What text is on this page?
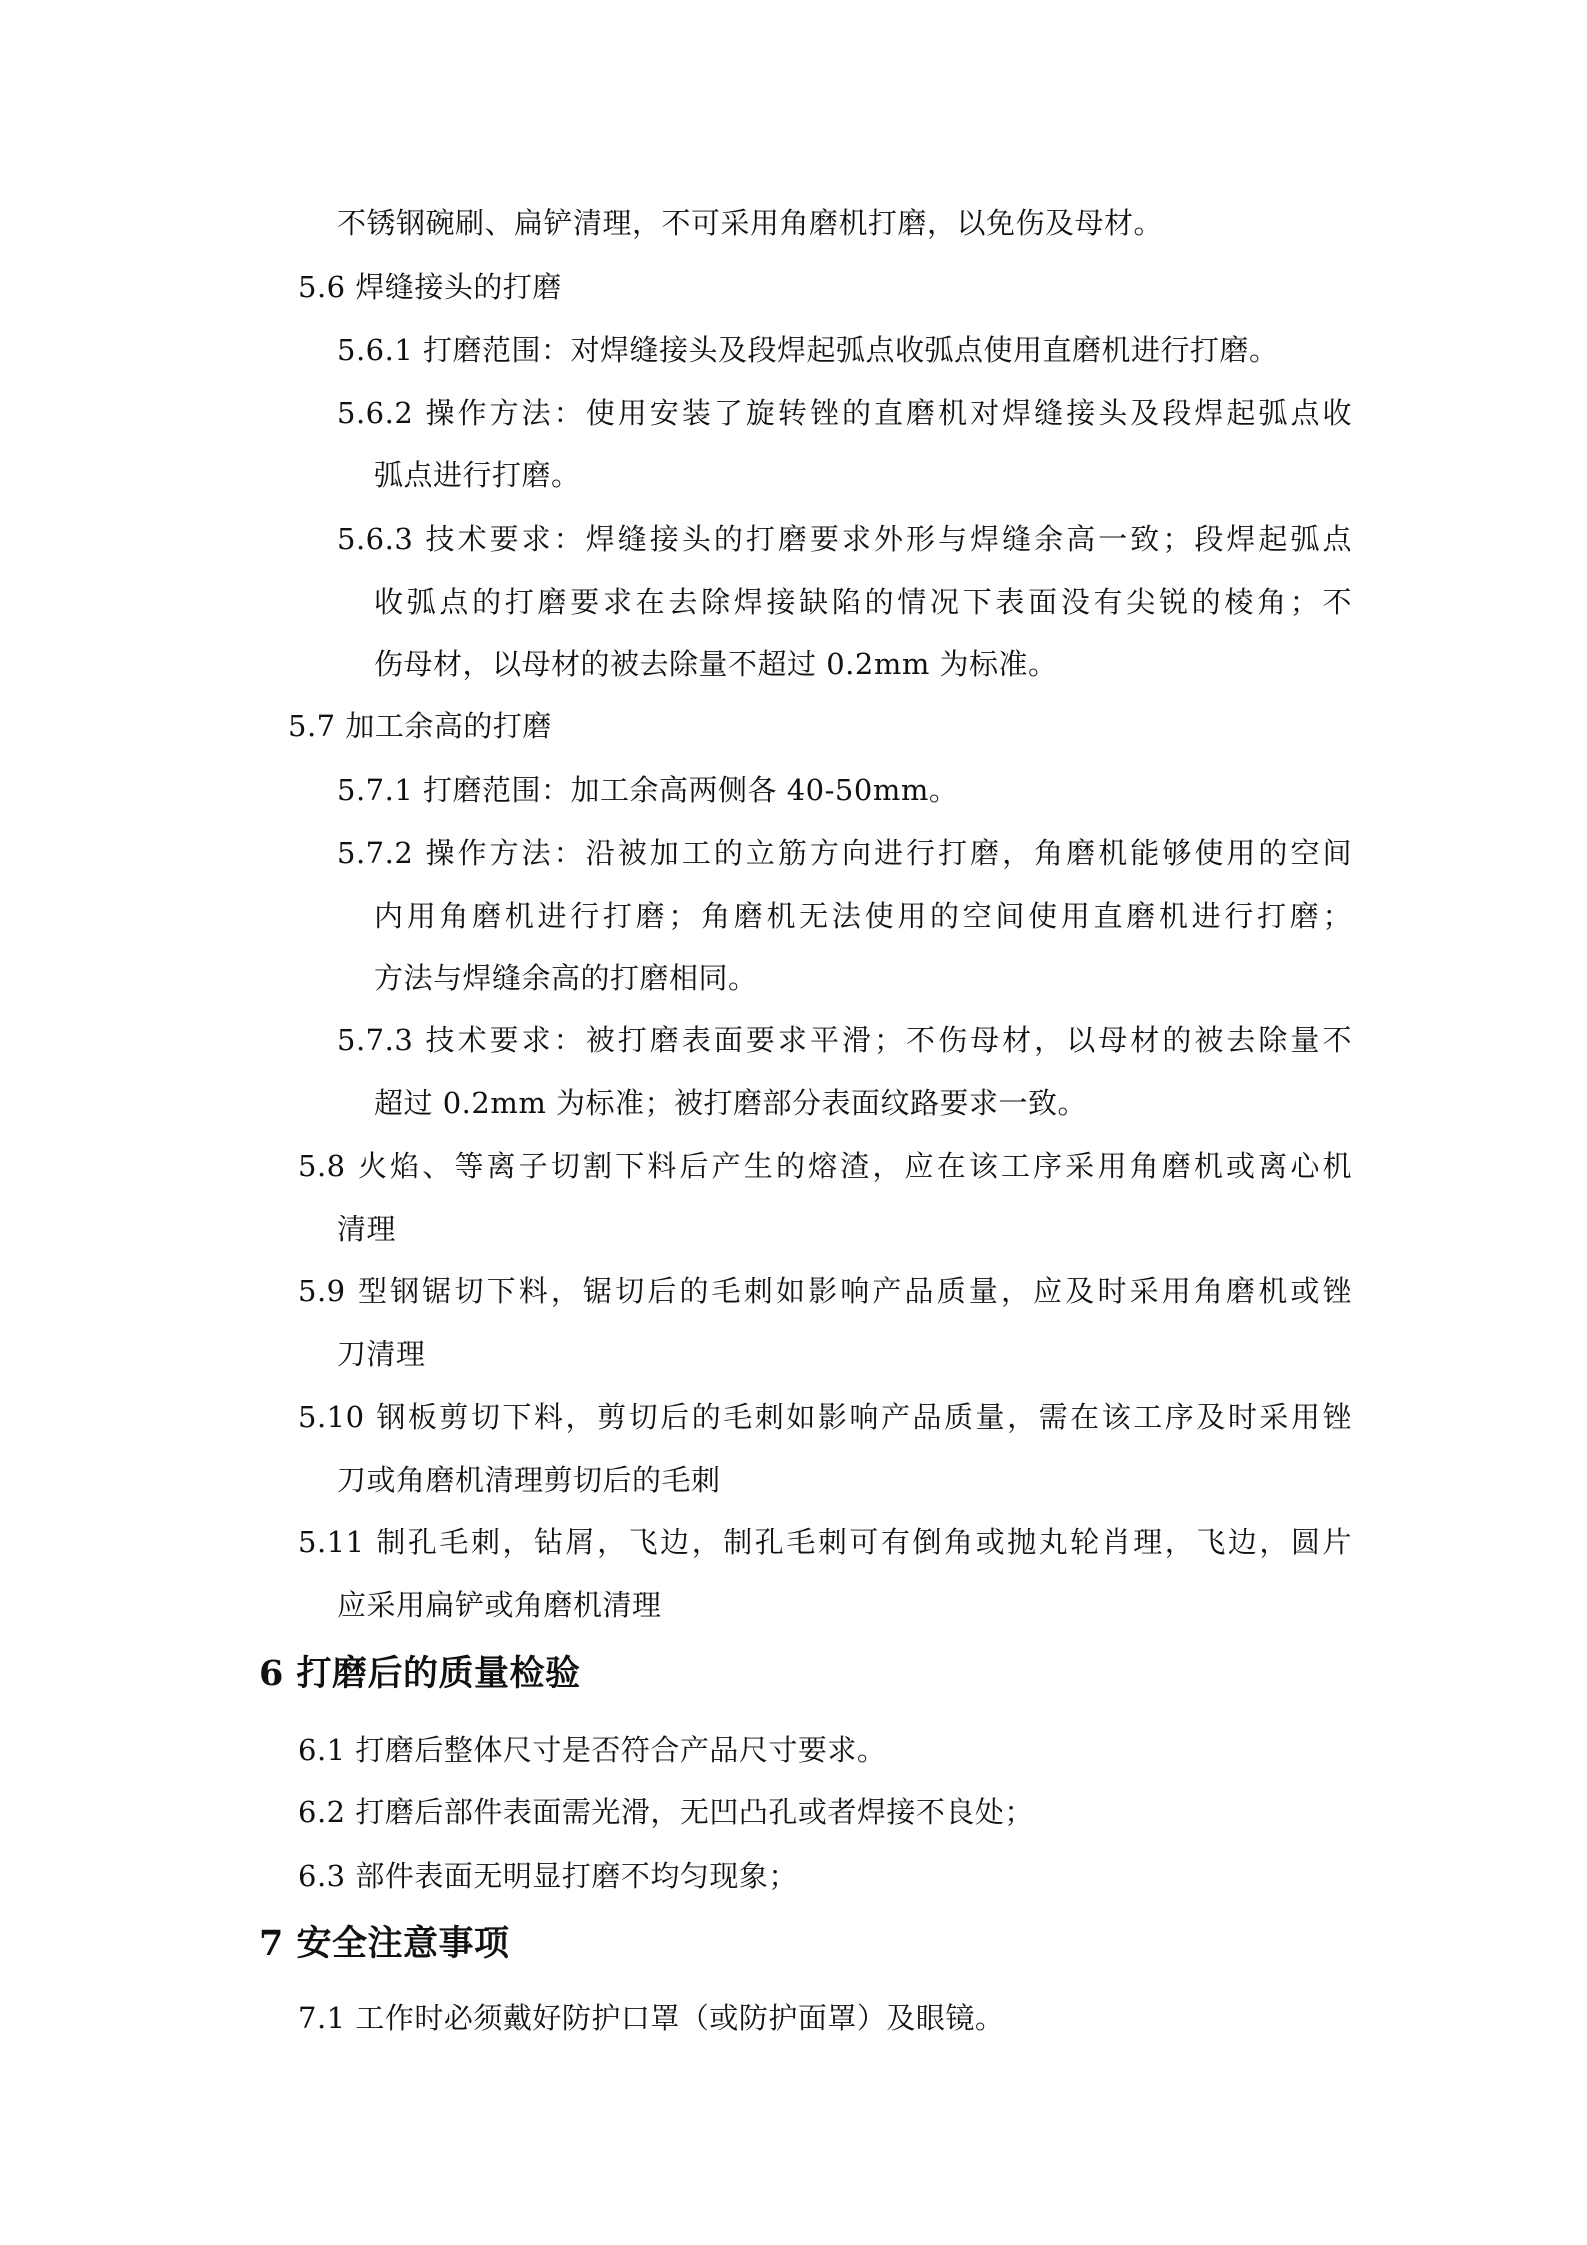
不锈钢碗刷、扁铲清理，不可采用角磨机打磨，以免伤及母材。
5.6 焊缝接头的打磨
5.6.1 打磨范围：对焊缝接头及段焊起弧点收弧点使用直磨机进行打磨。
5.6.2 操作方法：使用安装了旋转锉的直磨机对焊缝接头及段焊起弧点收
弧点进行打磨。
5.6.3 技术要求：焊缝接头的打磨要求外形与焊缝余高一致；段焊起弧点
收弧点的打磨要求在去除焊接缺陷的情况下表面没有尖锐的棱角；不
伤母材，以母材的被去除量不超过 0.2mm 为标准。
5.7 加工余高的打磨
5.7.1 打磨范围：加工余高两侧各 40-50mm。
5.7.2 操作方法：沿被加工的立筋方向进行打磨，角磨机能够使用的空间
内用角磨机进行打磨；角磨机无法使用的空间使用直磨机进行打磨；
方法与焊缝余高的打磨相同。
5.7.3 技术要求：被打磨表面要求平滑；不伤母材，以母材的被去除量不
超过 0.2mm 为标准；被打磨部分表面纹路要求一致。
5.8 火焰、等离子切割下料后产生的熔渣，应在该工序采用角磨机或离心机
清理
5.9 型钢锯切下料，锯切后的毛刺如影响产品质量，应及时采用角磨机或锉
刀清理
5.10 钢板剪切下料，剪切后的毛刺如影响产品质量，需在该工序及时采用锉
刀或角磨机清理剪切后的毛刺
5.11 制孔毛刺，钻屑，飞边，制孔毛刺可有倒角或抛丸轮肖理，飞边，圆片
应采用扁铲或角磨机清理
6 打磨后的质量检验
6.1 打磨后整体尺寸是否符合产品尺寸要求。
6.2 打磨后部件表面需光滑，无凹凸孔或者焊接不良处；
6.3 部件表面无明显打磨不均匀现象；
7 安全注意事项
7.1 工作时必须戴好防护口罩（或防护面罩）及眼镜。
